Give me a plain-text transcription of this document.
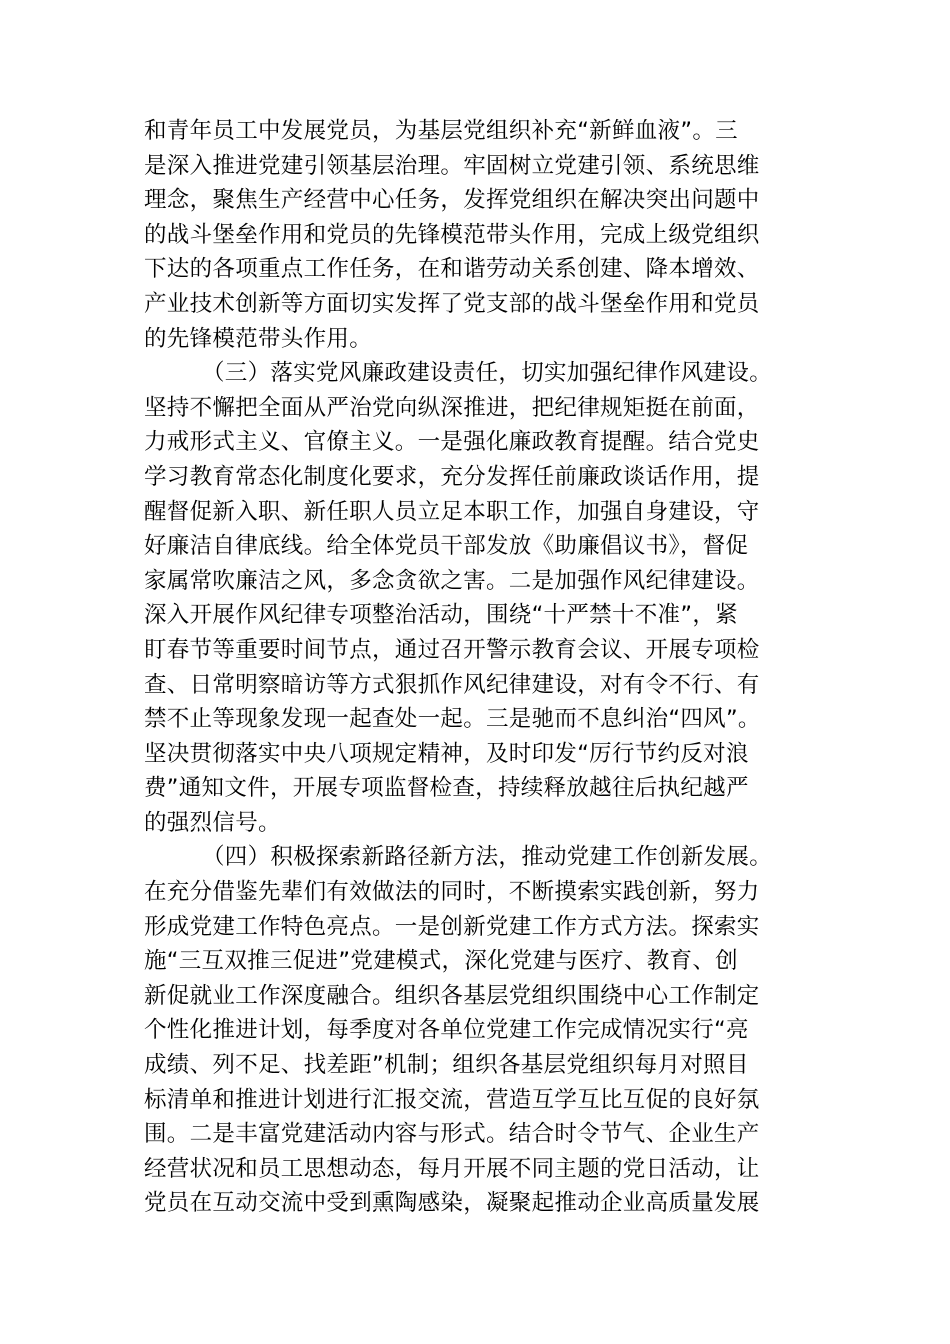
和青年员工中发展党员，为基层党组织补充“新鲜血液”。三
是深入推进党建引领基层治理。牢固树立党建引领、系统思维
理念，聚焦生产经营中心任务，发挥党组织在解决突出问题中
的战斗堡垒作用和党员的先锋模范带头作用，完成上级党组织
下达的各项重点工作任务，在和谐劳动关系创建、降本增效、
产业技术创新等方面切实发挥了党支部的战斗堡垒作用和党员
的先锋模范带头作用。
（三）落实党风廉政建设责任，切实加强纪律作风建设。
坚持不懈把全面从严治党向纵深推进，把纪律规矩挺在前面，
力戒形式主义、官僚主义。一是强化廉政教育提醒。结合党史
学习教育常态化制度化要求，充分发挥任前廉政谈话作用，提
醒督促新入职、新任职人员立足本职工作，加强自身建设，守
好廉洁自律底线。给全体党员干部发放《助廉倡议书》，督促
家属常吹廉洁之风，多念贪欲之害。二是加强作风纪律建设。
深入开展作风纪律专项整治活动，围绕“十严禁十不准”，紧
盯春节等重要时间节点，通过召开警示教育会议、开展专项检
查、日常明察暗访等方式狠抓作风纪律建设，对有令不行、有
禁不止等现象发现一起查处一起。三是驰而不息纠治“四风”。
坚决贯彻落实中央八项规定精神，及时印发“厉行节约反对浪
费”通知文件，开展专项监督检查，持续释放越往后执纪越严
的强烈信号。
（四）积极探索新路径新方法，推动党建工作创新发展。
在充分借鉴先辈们有效做法的同时，不断摸索实践创新，努力
形成党建工作特色亮点。一是创新党建工作方式方法。探索实
施“三互双推三促进”党建模式，深化党建与医疗、教育、创
新促就业工作深度融合。组织各基层党组织围绕中心工作制定
个性化推进计划，每季度对各单位党建工作完成情况实行“亮
成绩、列不足、找差距”机制；组织各基层党组织每月对照目
标清单和推进计划进行汇报交流，营造互学互比互促的良好氛
围。二是丰富党建活动内容与形式。结合时令节气、企业生产
经营状况和员工思想动态，每月开展不同主题的党日活动，让
党员在互动交流中受到熏陶感染，凝聚起推动企业高质量发展
